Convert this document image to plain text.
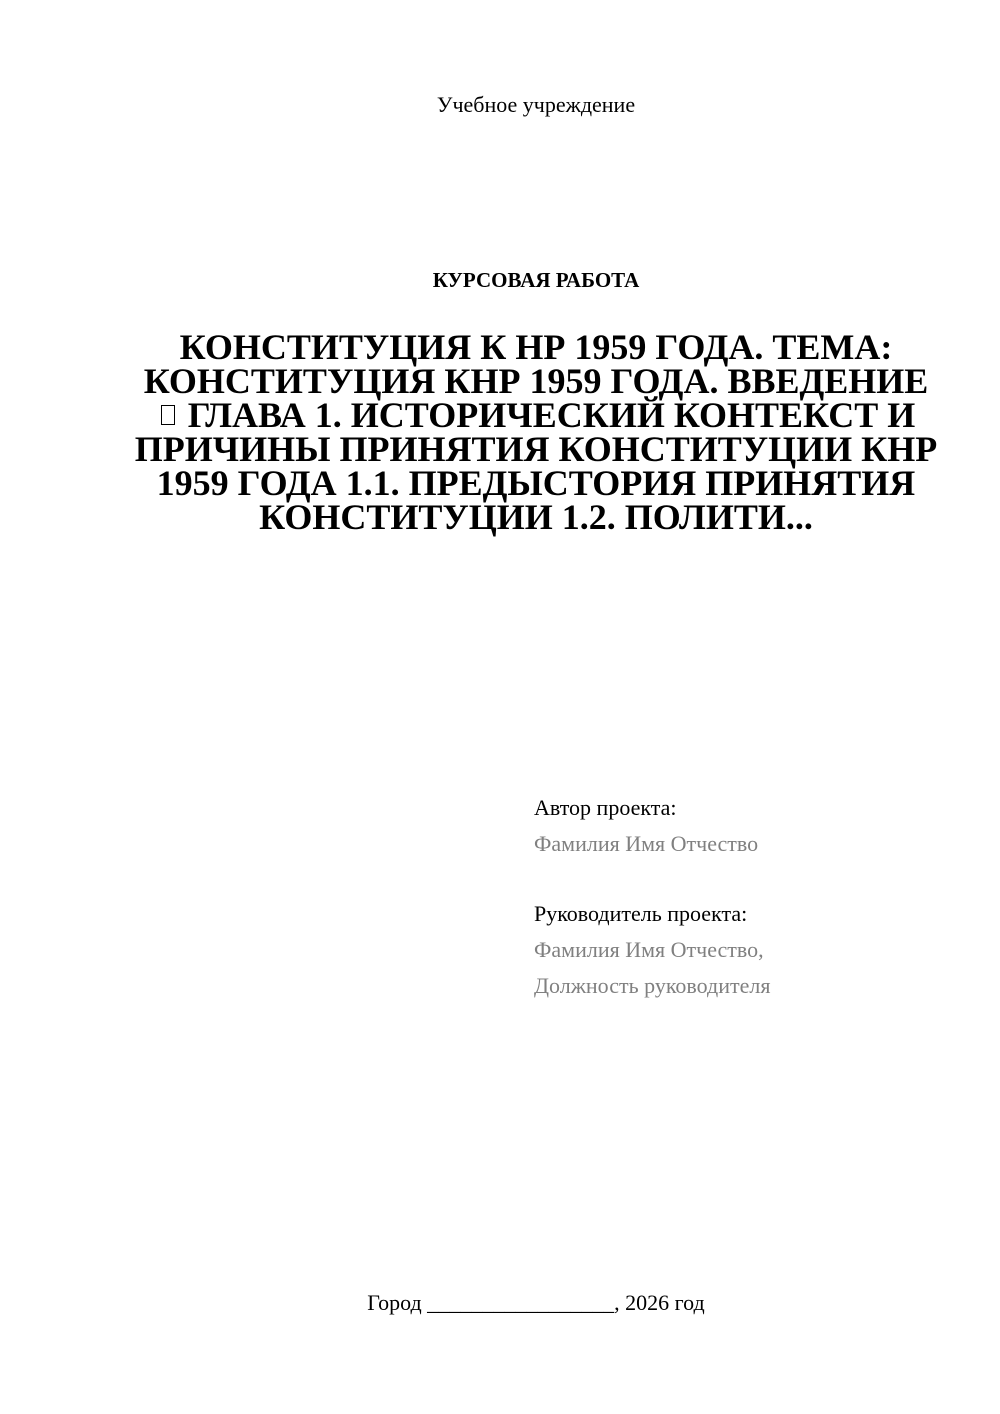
Учебное учреждение
КУРСОВАЯ РАБОТА
КОНСТИТУЦИЯ К НР 1959 ГОДА. ТЕМА: КОНСТИТУЦИЯ КНР 1959 ГОДА. ВВЕДЕНИЕ  ГЛАВА 1. ИСТОРИЧЕСКИЙ КОНТЕКСТ И ПРИЧИНЫ ПРИНЯТИЯ КОНСТИТУЦИИ КНР 1959 ГОДА 1.1. ПРЕДЫСТОРИЯ ПРИНЯТИЯ КОНСТИТУЦИИ 1.2. ПОЛИТИ...
Автор проекта:
Фамилия Имя Отчество
Руководитель проекта:
Фамилия Имя Отчество,
Должность руководителя
Город _________________, 2026 год
